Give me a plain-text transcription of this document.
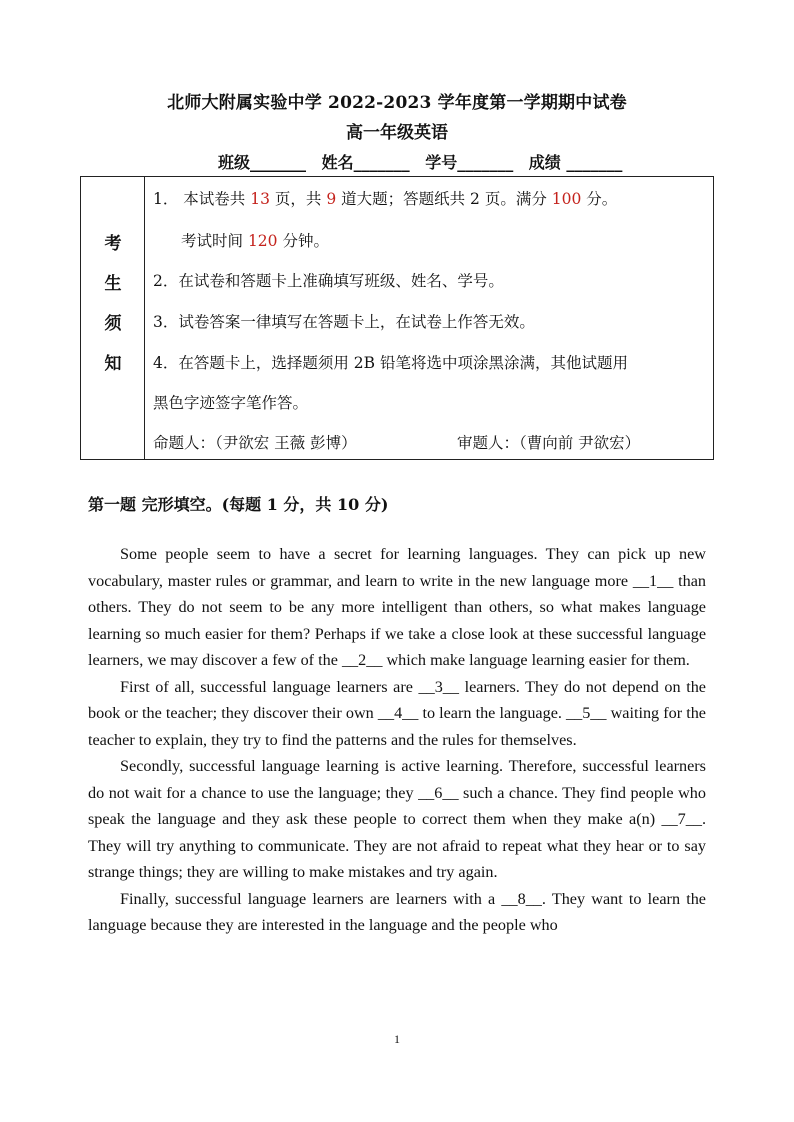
北师大附属实验中学 2022-2023 学年度第一学期期中试卷
高一年级英语
班级_______ 姓名_______ 学号_______ 成绩 _______
考
生
须
知
1． 本试卷共 13 页，共 9 道大题；答题纸共 2 页。满分 100 分。
考试时间 120 分钟。
2．在试卷和答题卡上准确填写班级、姓名、学号。
3．试卷答案一律填写在答题卡上，在试卷上作答无效。
4．在答题卡上，选择题须用 2B 铅笔将选中项涂黑涂满，其他试题用
黑色字迹签字笔作答。
命题人：（尹欲宏 王薇 彭博）	审题人：（曹向前 尹欲宏）
第一题 完形填空。(每题 1 分，共 10 分)

Some people seem to have a secret for learning languages. They can pick up new vocabulary, master rules or grammar, and learn to write in the new language more __1__ than others. They do not seem to be any more intelligent than others, so what makes language learning so much easier for them? Perhaps if we take a close look at these successful language learners, we may discover a few of the __2__ which make language learning easier for them.

First of all, successful language learners are __3__ learners. They do not depend on the book or the teacher; they discover their own __4__ to learn the language. __5__ waiting for the teacher to explain, they try to find the patterns and the rules for themselves.

Secondly, successful language learning is active learning. Therefore, successful learners do not wait for a chance to use the language; they __6__ such a chance. They find people who speak the language and they ask these people to correct them when they make a(n) __7__. They will try anything to communicate. They are not afraid to repeat what they hear or to say strange things; they are willing to make mistakes and try again.

Finally, successful language learners are learners with a __8__. They want to learn the language because they are interested in the language and the people who

1
